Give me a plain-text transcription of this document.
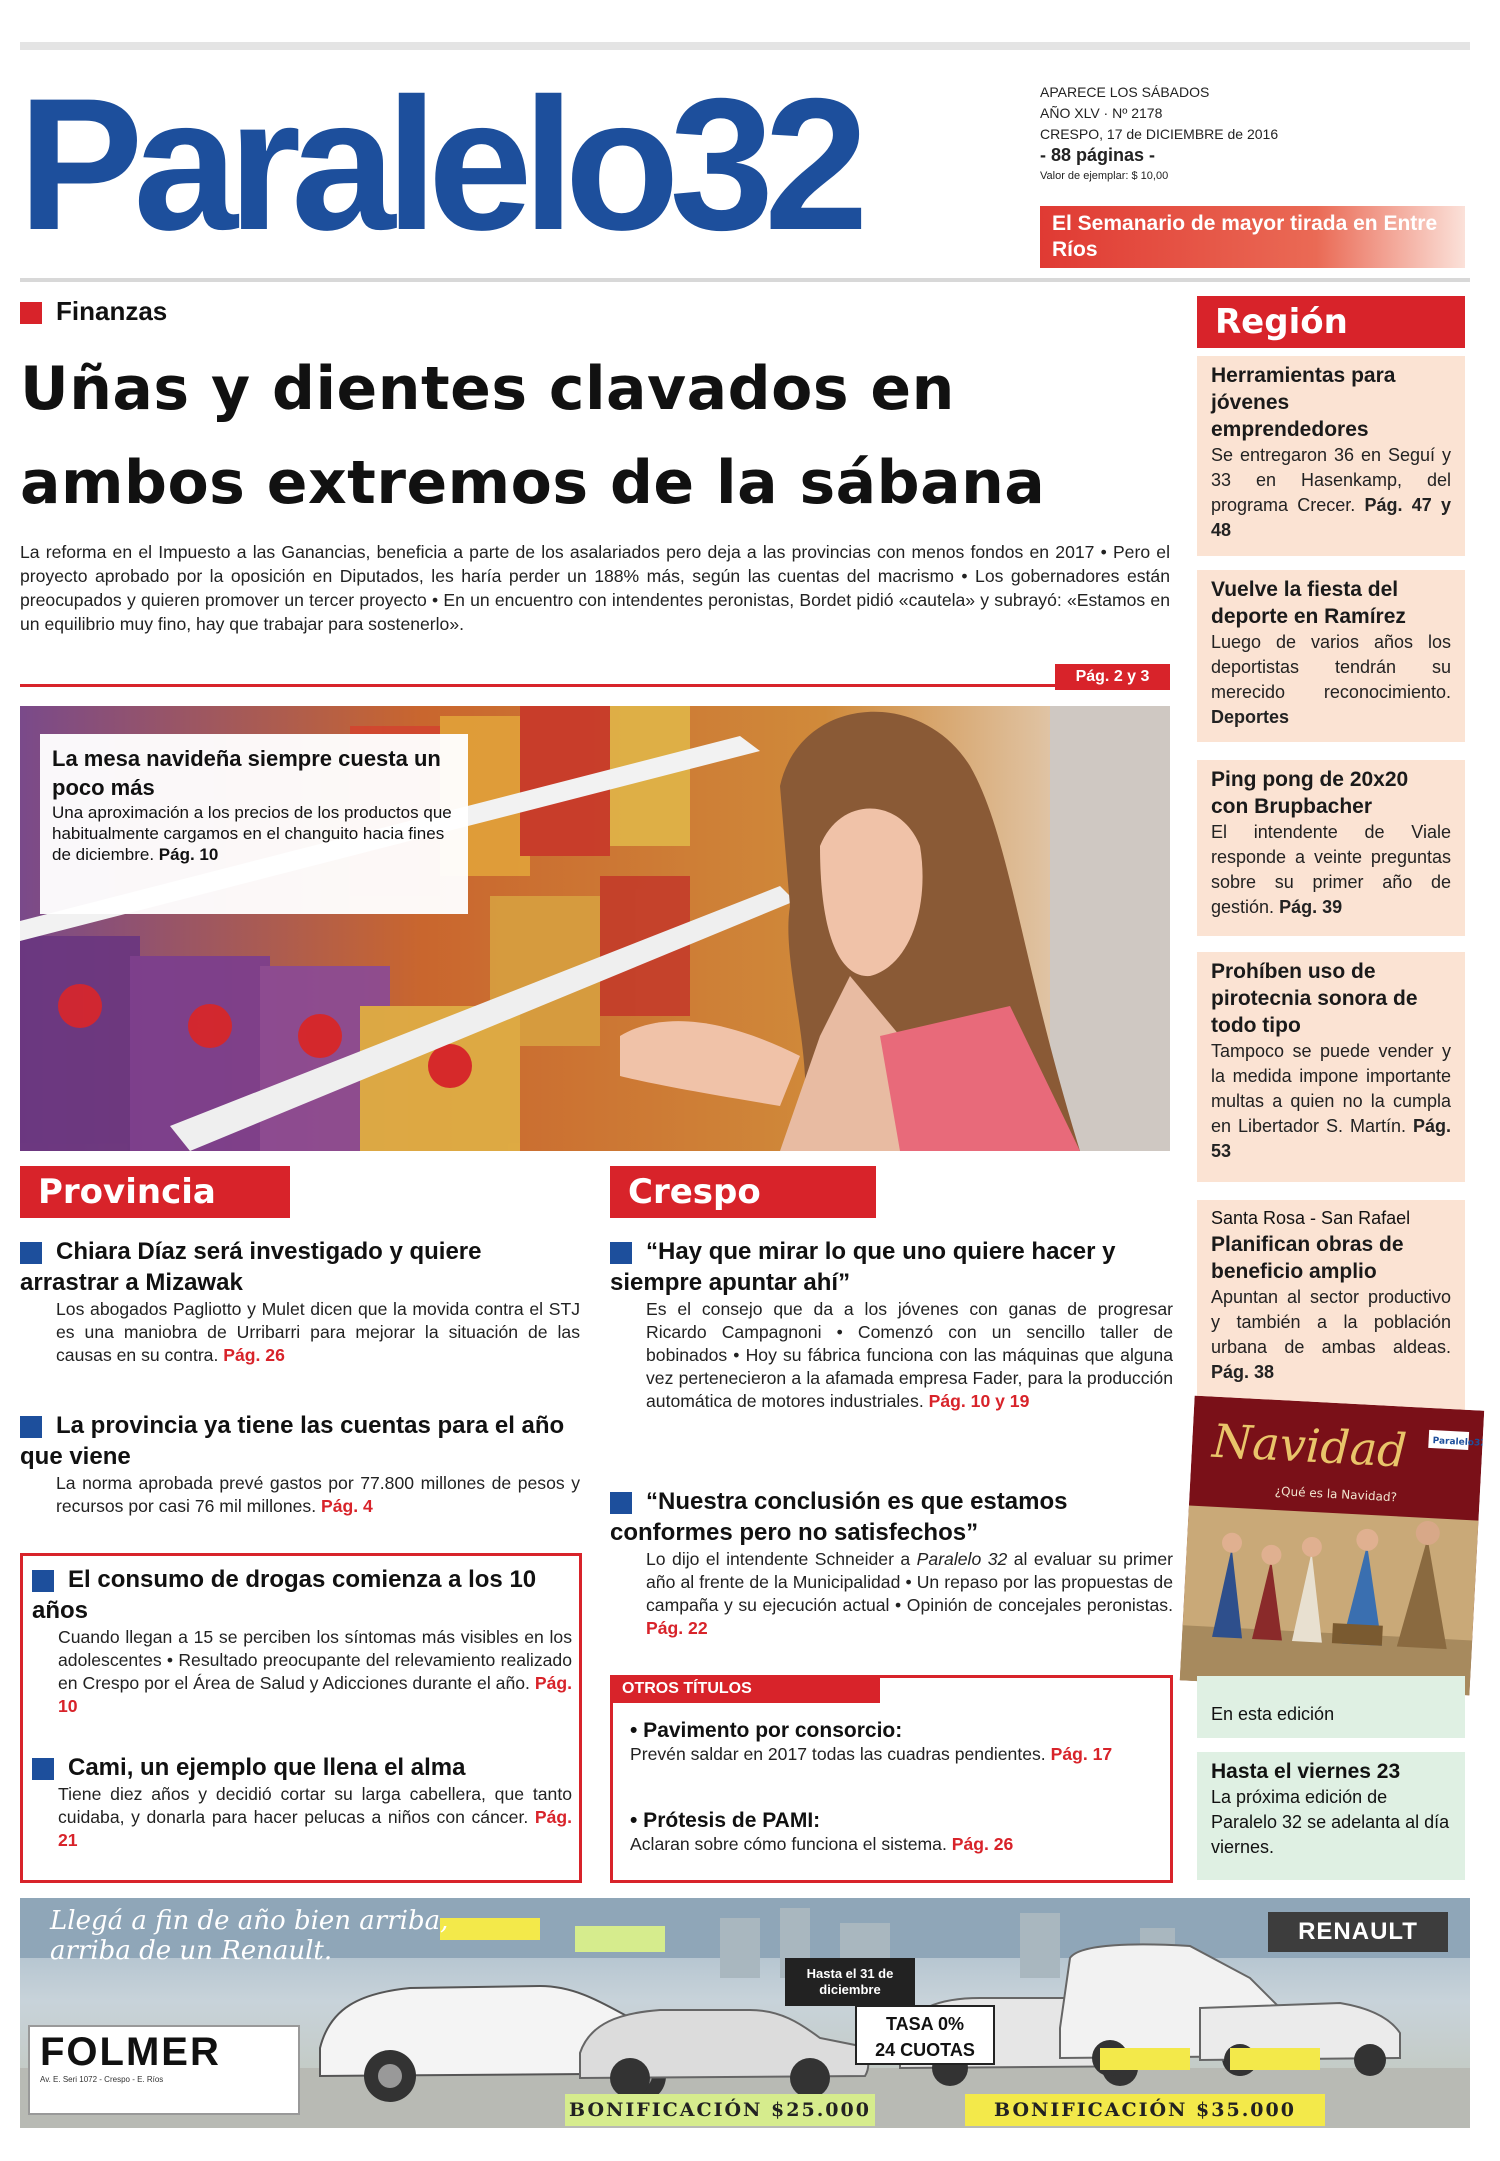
Paralelo32	APARECE LOS SÁBADOS
AÑO XLV · Nº 2178
CRESPO, 17 de DICIEMBRE de 2016
- 88 páginas -
Valor de ejemplar: $ 10,00
El Semanario de mayor tirada en Entre Ríos
Finanzas
Uñas y dientes clavados en ambos extremos de la sábana
La reforma en el Impuesto a las Ganancias, beneficia a parte de los asalariados pero deja a las provincias con menos fondos en 2017 • Pero el proyecto aprobado por la oposición en Diputados, les haría perder un 188% más, según las cuentas del macrismo • Los gobernadores están preocupados y quieren promover un tercer proyecto • En un encuentro con intendentes peronistas, Bordet pidió «cautela» y subrayó: «Estamos en un equilibrio muy fino, hay que trabajar para sostenerlo».
Pág. 2 y 3
La mesa navideña siempre cuesta un poco más
Una aproximación a los precios de los productos que habitualmente cargamos en el changuito hacia fines de diciembre. Pág. 10
Provincia
Chiara Díaz será investigado y quiere arrastrar a Mizawak
Los abogados Pagliotto y Mulet dicen que la movida contra el STJ es una maniobra de Urribarri para mejorar la situación de las causas en su contra. Pág. 26
La provincia ya tiene las cuentas para el año que viene
La norma aprobada prevé gastos por 77.800 millones de pesos y recursos por casi 76 mil millones. Pág. 4
El consumo de drogas comienza a los 10 años
Cuando llegan a 15 se perciben los síntomas más visibles en los adolescentes • Resultado preocupante del relevamiento realizado en Crespo por el Área de Salud y Adicciones durante el año. Pág. 10
Cami, un ejemplo que llena el alma
Tiene diez años y decidió cortar su larga cabellera, que tanto cuidaba, y donarla para hacer pelucas a niños con cáncer. Pág. 21
Crespo
“Hay que mirar lo que uno quiere hacer y siempre apuntar ahí”
Es el consejo que da a los jóvenes con ganas de progresar Ricardo Campagnoni • Comenzó con un sencillo taller de bobinados • Hoy su fábrica funciona con las máquinas que alguna vez pertenecieron a la afamada empresa Fader, para la producción automática de motores industriales. Pág. 10 y 19
“Nuestra conclusión es que estamos conformes pero no satisfechos”
Lo dijo el intendente Schneider a Paralelo 32 al evaluar su primer año al frente de la Municipalidad • Un repaso por las propuestas de campaña y su ejecución actual • Opinión de concejales peronistas. Pág. 22
OTROS TÍTULOS
• Pavimento por consorcio:
Prevén saldar en 2017 todas las cuadras pendientes. Pág. 17
• Prótesis de PAMI:
Aclaran sobre cómo funciona el sistema. Pág. 26
Región
Herramientas para jóvenes emprendedores
Se entregaron 36 en Seguí y 33 en Hasenkamp, del programa Crecer. Pág. 47 y 48
Vuelve la fiesta del deporte en Ramírez
Luego de varios años los deportistas tendrán su merecido reconocimiento. Deportes
Ping pong de 20x20 con Brupbacher
El intendente de Viale responde a veinte preguntas sobre su primer año de gestión. Pág. 39
Prohíben uso de pirotecnia sonora de todo tipo
Tampoco se puede vender y la medida impone importante multas a quien no la cumpla en Libertador S. Martín. Pág. 53
Santa Rosa - San Rafael
Planifican obras de beneficio amplio
Apuntan al sector productivo y también a la población urbana de ambas aldeas. Pág. 38
Navidad
¿Qué es la Navidad?
Paralelo32
En esta edición
Hasta el viernes 23
La próxima edición de Paralelo 32 se adelanta al día viernes.
Llegá a fin de año bien arriba,
arriba de un Renault.
FOLMER
Av. E. Seri 1072 - Crespo - E. Ríos
RENAULT
Hasta el 31 de diciembre
TASA 0%
24 CUOTAS
BONIFICACIÓN $25.000	BONIFICACIÓN $35.000
